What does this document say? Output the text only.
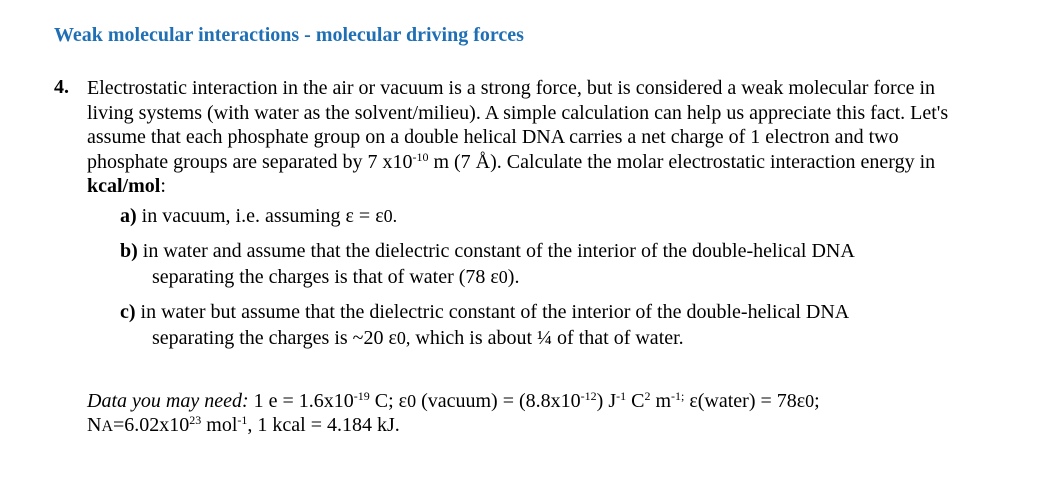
Weak molecular interactions - molecular driving forces
4. Electrostatic interaction in the air or vacuum is a strong force, but is considered a weak molecular force in living systems (with water as the solvent/milieu). A simple calculation can help us appreciate this fact. Let's assume that each phosphate group on a double helical DNA carries a net charge of 1 electron and two phosphate groups are separated by 7 $x10^{-10}$ m (7 Å). Calculate the molar electrostatic interaction energy in kcal/mol:
a) in vacuum, i.e. assuming ε = ε0.
b) in water and assume that the dielectric constant of the interior of the double-helical DNA
separating the charges is that of water (78 ε0).
c) in water but assume that the dielectric constant of the interior of the double-helical DNA
separating the charges is ~20 ε0, which is about ¼ of that of water.
Data you may need: 1 $e = 1.6x10^{-19}$ C; ε0 (vacuum) = $(8.8x10^{-12})$ $J^{-1}$ $C^2$ $m^{-1;}$ ε(water) = 78ε0;
$NA=6.02x10^{23}$ mol$^{-1}$, 1 kcal = 4.184 kJ.
